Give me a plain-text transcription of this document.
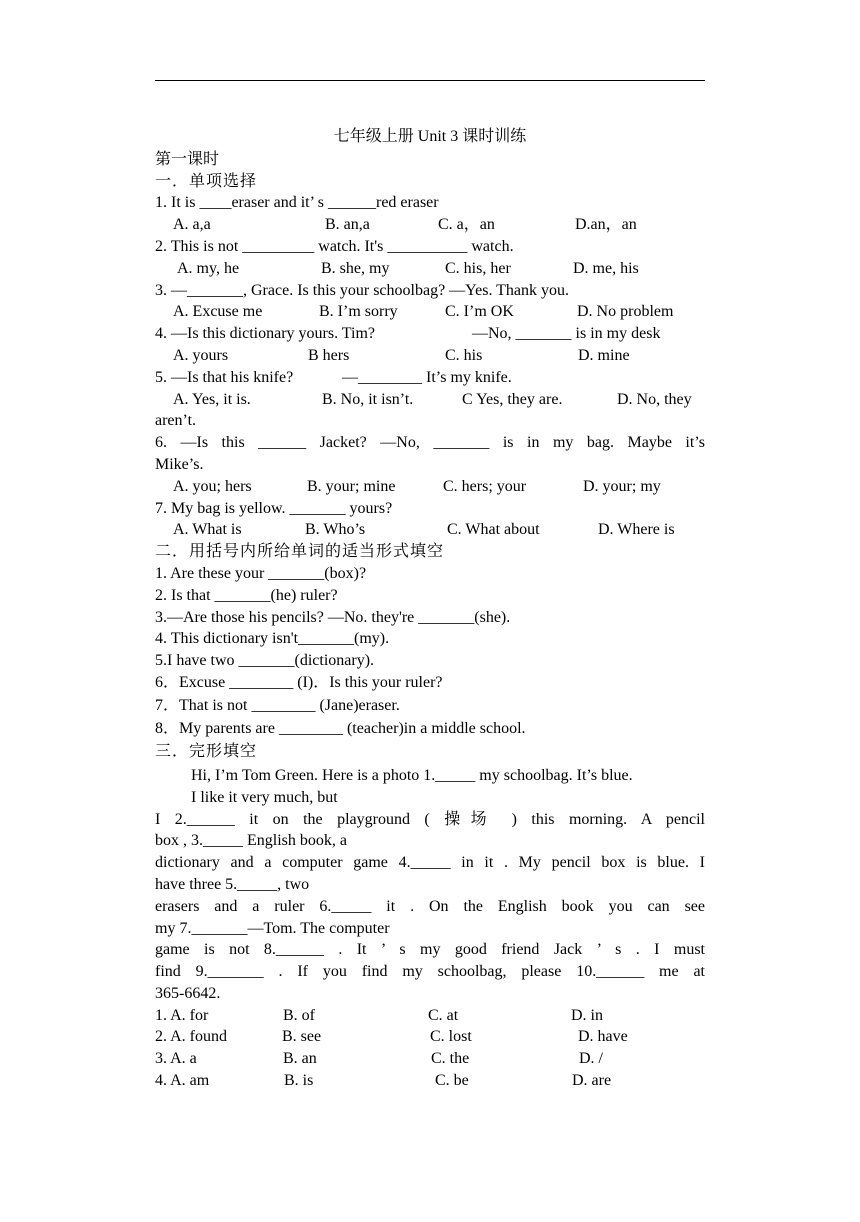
七年级上册 Unit 3 课时训练
第一课时
一．单项选择
1. It is ____eraser and it’ s ______red eraser
A. a,a	B. an,a	C. a，an	D.an，an
2. This is not _________ watch. It's __________ watch.
A. my, he	B. she, my	C. his, her	D. me, his
3. —_______, Grace. Is this your schoolbag? —Yes. Thank you.
A. Excuse me	B. I’m sorry	C. I’m OK	D. No problem
4. —Is this dictionary yours. Tim?	—No, _______ is in my desk
A. yours	B hers	C. his	D. mine
5. —Is that his knife?	—________ It’s my knife.
A. Yes, it is.	B. No, it isn’t.	C Yes, they are.	D. No, they
aren’t.
6. —Is this ______ Jacket? —No, _______ is in my bag. Maybe it’s
Mike’s.
A. you; hers	B. your; mine	C. hers; your	D. your; my
7. My bag is yellow. _______ yours?
A. What is	B. Who’s	C. What about	D. Where is
二．用括号内所给单词的适当形式填空
1. Are these your _______(box)?
2. Is that _______(he) ruler?
3.—Are those his pencils? —No. they're _______(she).
4. This dictionary isn't_______(my).
5.I have two _______(dictionary).
6．Excuse ________ (I)．Is this your ruler?
7．That is not ________ (Jane)eraser.
8．My parents are ________ (teacher)in a middle school.
三．完形填空
Hi, I’m Tom Green. Here is a photo 1._____ my schoolbag. It’s blue.
I like it very much, but
I 2.______ it on the playground ( 操场 ) this morning. A pencil
box , 3._____ English book, a
dictionary and a computer game 4._____ in it . My pencil box is blue. I
have three 5._____, two
erasers and a ruler 6._____ it . On the English book you can see
my 7._______—Tom. The computer
game is not 8.______ . It ’ s my good friend Jack ’ s . I must
find 9._______ . If you find my schoolbag, please 10.______ me at
365-6642.
1. A. for	B. of	C. at	D. in
2. A. found	B. see	C. lost	D. have
3. A. a	B. an	C. the	D. /
4. A. am	B. is	C. be	D. are
